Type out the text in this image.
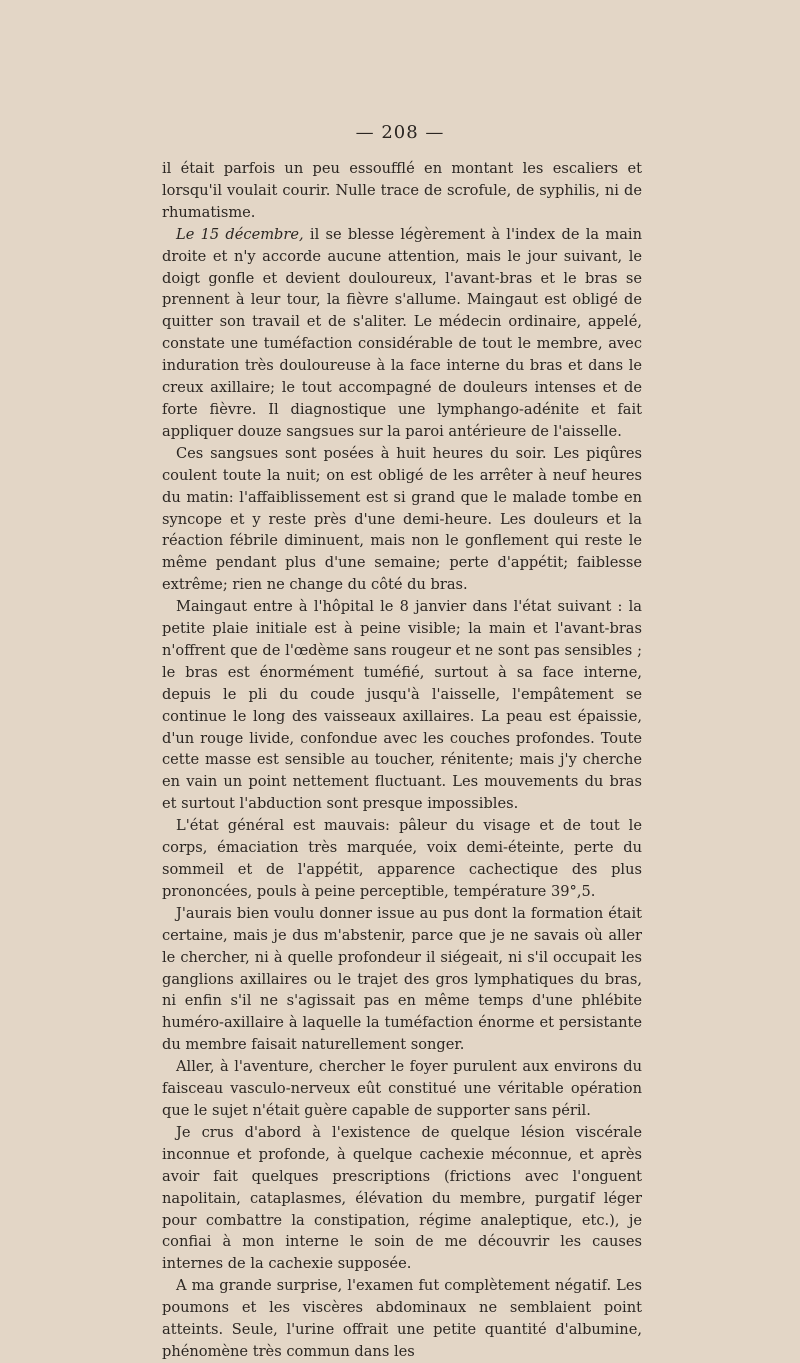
— 208 —

il était parfois un peu essoufflé en montant les escaliers et lorsqu'il voulait courir. Nulle trace de scrofule, de syphilis, ni de rhumatisme.

Le 15 décembre, il se blesse légèrement à l'index de la main droite et n'y accorde aucune attention, mais le jour suivant, le doigt gonfle et devient douloureux, l'avant-bras et le bras se prennent à leur tour, la fièvre s'allume. Maingaut est obligé de quitter son travail et de s'aliter. Le médecin ordinaire, appelé, constate une tuméfaction considérable de tout le membre, avec induration très douloureuse à la face interne du bras et dans le creux axillaire; le tout accompagné de douleurs intenses et de forte fièvre. Il diagnostique une lymphango-adénite et fait appliquer douze sangsues sur la paroi antérieure de l'aisselle.

Ces sangsues sont posées à huit heures du soir. Les piqûres coulent toute la nuit; on est obligé de les arrêter à neuf heures du matin: l'affaiblissement est si grand que le malade tombe en syncope et y reste près d'une demi-heure. Les douleurs et la réaction fébrile diminuent, mais non le gonflement qui reste le même pendant plus d'une semaine; perte d'appétit; faiblesse extrême; rien ne change du côté du bras.

Maingaut entre à l'hôpital le 8 janvier dans l'état suivant : la petite plaie initiale est à peine visible; la main et l'avant-bras n'offrent que de l'œdème sans rougeur et ne sont pas sensibles ; le bras est énormément tuméfié, surtout à sa face interne, depuis le pli du coude jusqu'à l'aisselle, l'empâtement se continue le long des vaisseaux axillaires. La peau est épaissie, d'un rouge livide, confondue avec les couches profondes. Toute cette masse est sensible au toucher, rénitente; mais j'y cherche en vain un point nettement fluctuant. Les mouvements du bras et surtout l'abduction sont presque impossibles.

L'état général est mauvais: pâleur du visage et de tout le corps, émaciation très marquée, voix demi-éteinte, perte du sommeil et de l'appétit, apparence cachectique des plus prononcées, pouls à peine perceptible, température 39°,5.

J'aurais bien voulu donner issue au pus dont la formation était certaine, mais je dus m'abstenir, parce que je ne savais où aller le chercher, ni à quelle profondeur il siégeait, ni s'il occupait les ganglions axillaires ou le trajet des gros lymphatiques du bras, ni enfin s'il ne s'agissait pas en même temps d'une phlébite huméro-axillaire à laquelle la tuméfaction énorme et persistante du membre faisait naturellement songer.

Aller, à l'aventure, chercher le foyer purulent aux environs du faisceau vasculo-nerveux eût constitué une véritable opération que le sujet n'était guère capable de supporter sans péril.

Je crus d'abord à l'existence de quelque lésion viscérale inconnue et profonde, à quelque cachexie méconnue, et après avoir fait quelques prescriptions (frictions avec l'onguent napolitain, cataplasmes, élévation du membre, purgatif léger pour combattre la constipation, régime analeptique, etc.), je confiai à mon interne le soin de me découvrir les causes internes de la cachexie supposée.

A ma grande surprise, l'examen fut complètement négatif. Les poumons et les viscères abdominaux ne semblaient point atteints. Seule, l'urine offrait une petite quantité d'albumine, phénomène très commun dans les
